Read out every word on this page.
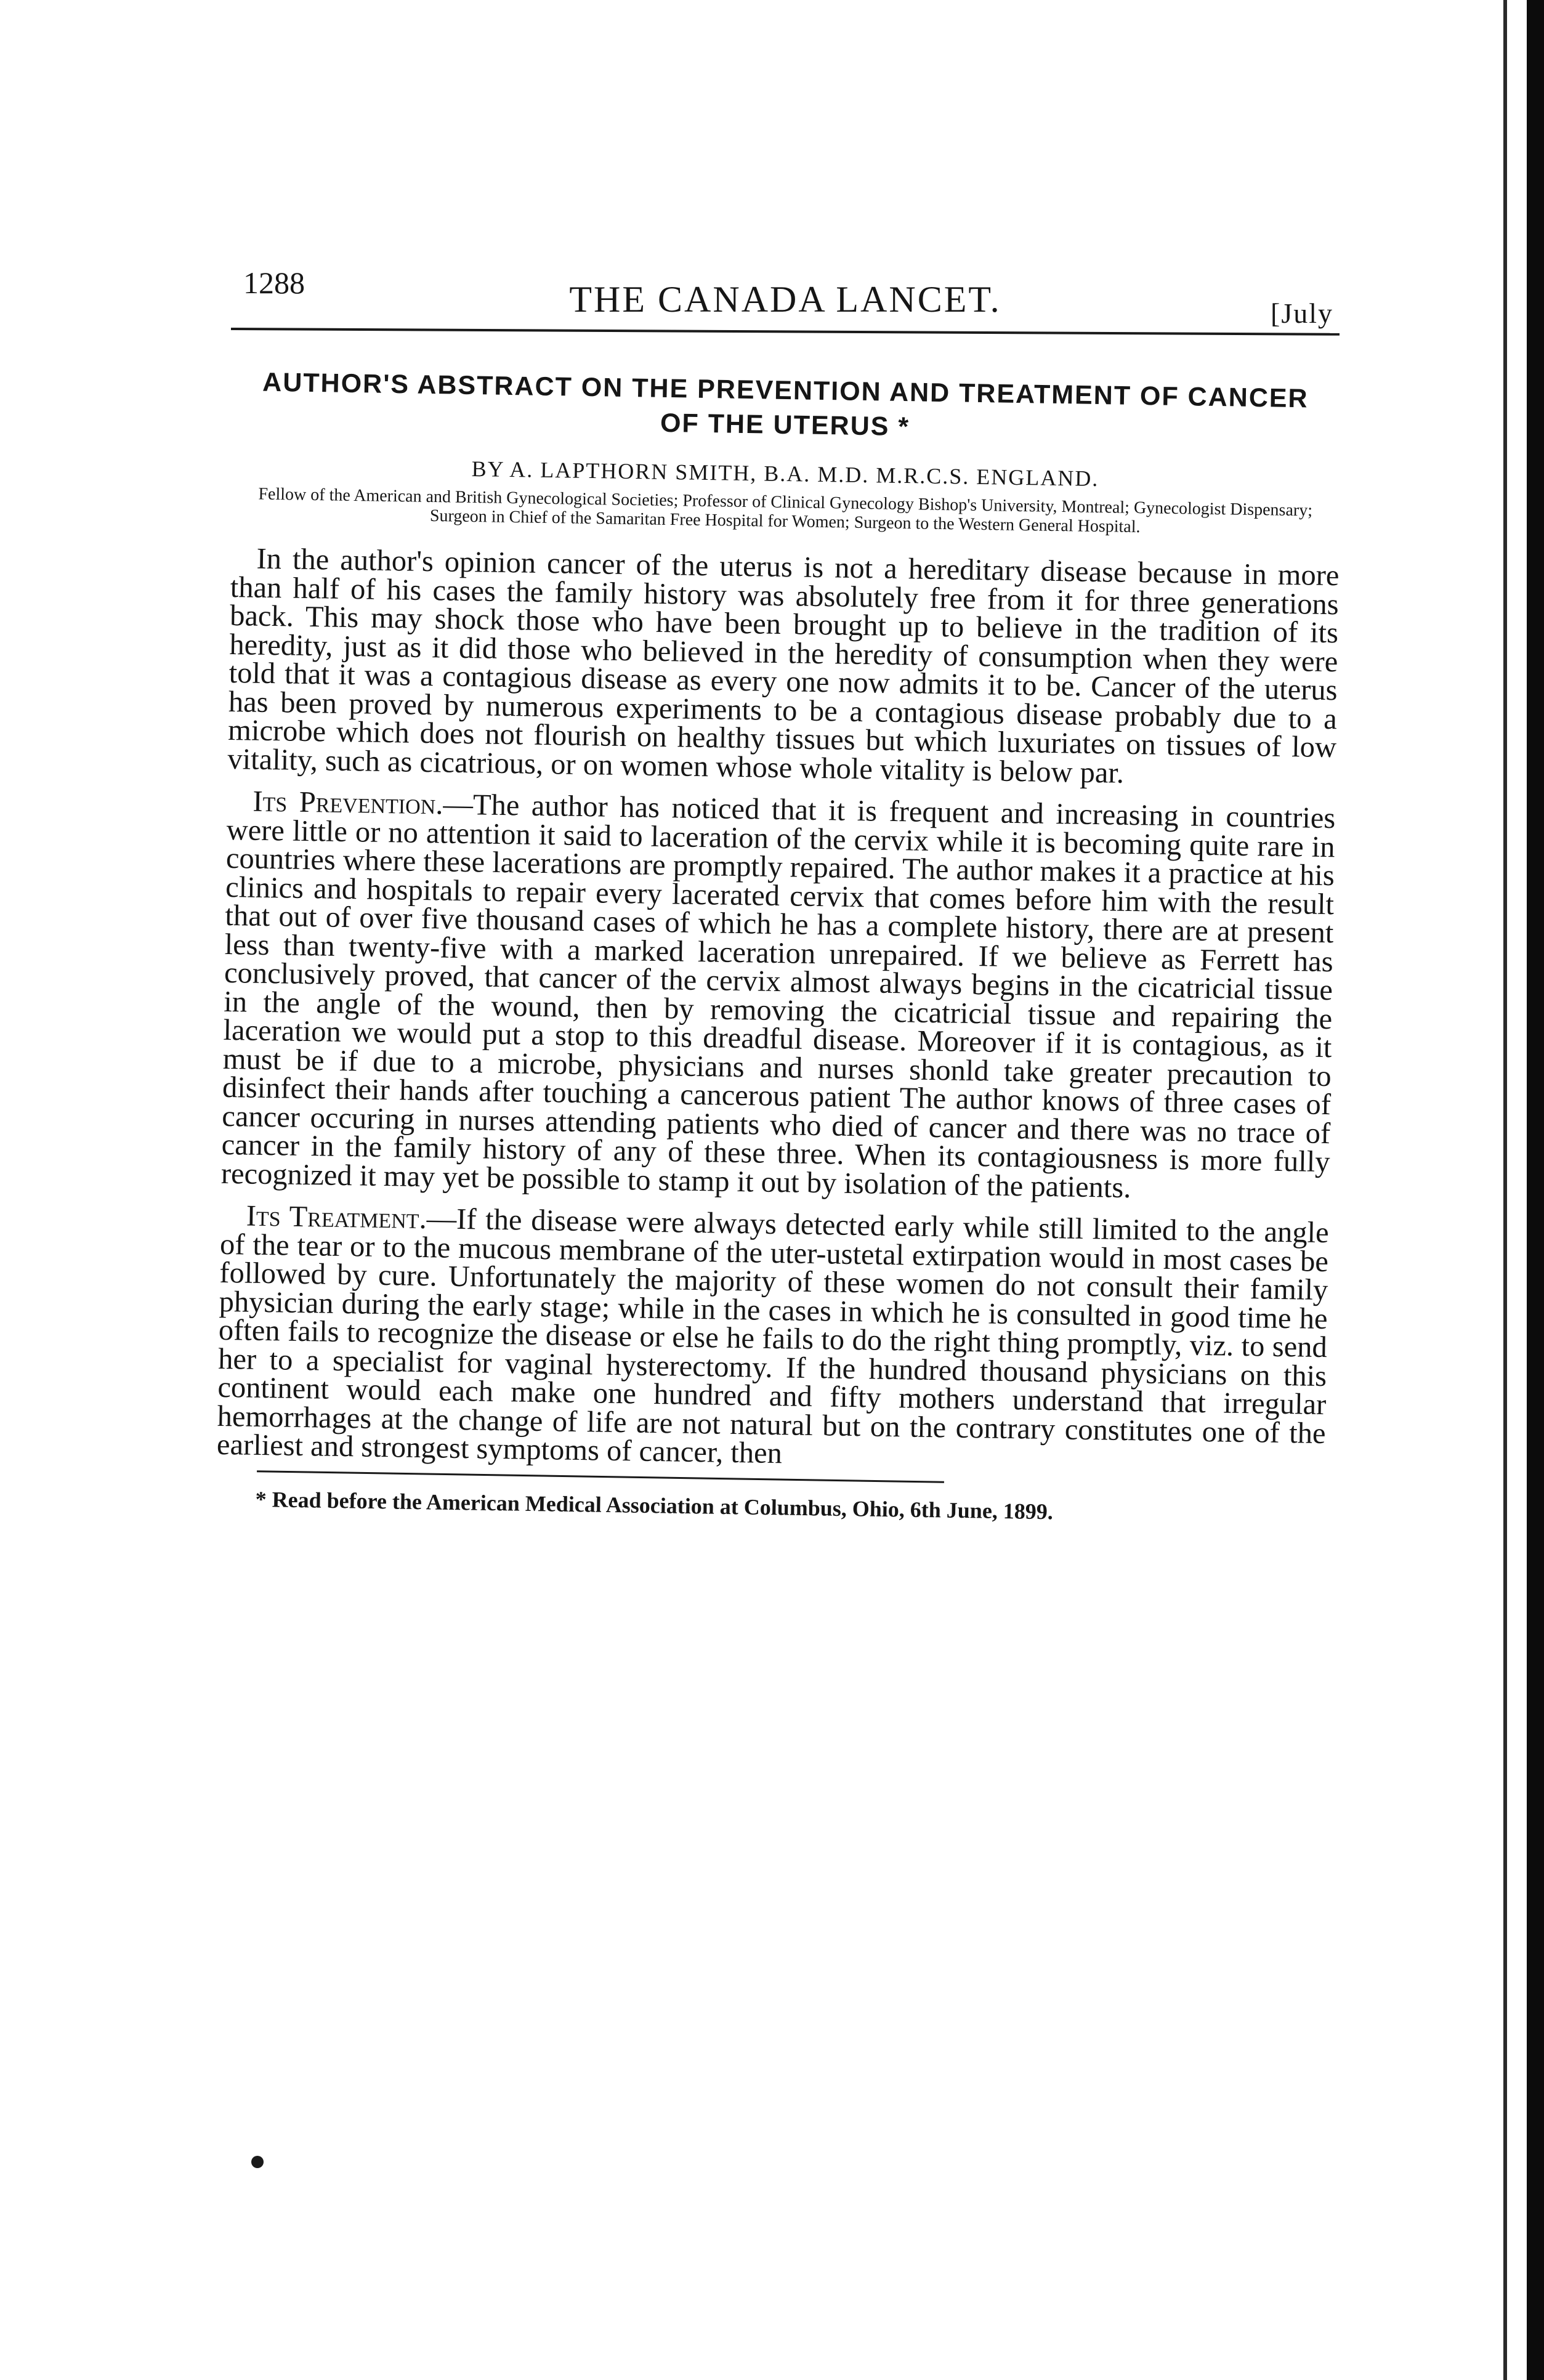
1288	THE CANADA LANCET.	[July
AUTHOR'S ABSTRACT ON THE PREVENTION AND TREATMENT OF CANCER OF THE UTERUS *
BY A. LAPTHORN SMITH, B.A. M.D. M.R.C.S. ENGLAND.
Fellow of the American and British Gynecological Societies; Professor of Clinical Gynecology Bishop's University, Montreal; Gynecologist Dispensary; Surgeon in Chief of the Samaritan Free Hospital for Women; Surgeon to the Western General Hospital.

In the author's opinion cancer of the uterus is not a hereditary disease because in more than half of his cases the family history was absolutely free from it for three generations back. This may shock those who have been brought up to believe in the tradition of its heredity, just as it did those who believed in the heredity of consumption when they were told that it was a contagious disease as every one now admits it to be. Cancer of the uterus has been proved by numerous experiments to be a contagious disease probably due to a microbe which does not flourish on healthy tissues but which luxuriates on tissues of low vitality, such as cicatrious, or on women whose whole vitality is below par.

Its Prevention.—The author has noticed that it is frequent and increasing in countries were little or no attention it said to laceration of the cervix while it is becoming quite rare in countries where these lacerations are promptly repaired. The author makes it a practice at his clinics and hospitals to repair every lacerated cervix that comes before him with the result that out of over five thousand cases of which he has a complete history, there are at present less than twenty-five with a marked laceration unrepaired. If we believe as Ferrett has conclusively proved, that cancer of the cervix almost always begins in the cicatricial tissue in the angle of the wound, then by removing the cicatricial tissue and repairing the laceration we would put a stop to this dreadful disease. Moreover if it is contagious, as it must be if due to a microbe, physicians and nurses shonld take greater precaution to disinfect their hands after touching a cancerous patient The author knows of three cases of cancer occuring in nurses attending patients who died of cancer and there was no trace of cancer in the family history of any of these three. When its contagiousness is more fully recognized it may yet be possible to stamp it out by isolation of the patients.

Its Treatment.—If the disease were always detected early while still limited to the angle of the tear or to the mucous membrane of the uter-ustetal extirpation would in most cases be followed by cure. Unfortunately the majority of these women do not consult their family physician during the early stage; while in the cases in which he is consulted in good time he often fails to recognize the disease or else he fails to do the right thing promptly, viz. to send her to a specialist for vaginal hysterectomy. If the hundred thousand physicians on this continent would each make one hundred and fifty mothers understand that irregular hemorrhages at the change of life are not natural but on the contrary constitutes one of the earliest and strongest symptoms of cancer, then

* Read before the American Medical Association at Columbus, Ohio, 6th June, 1899.
